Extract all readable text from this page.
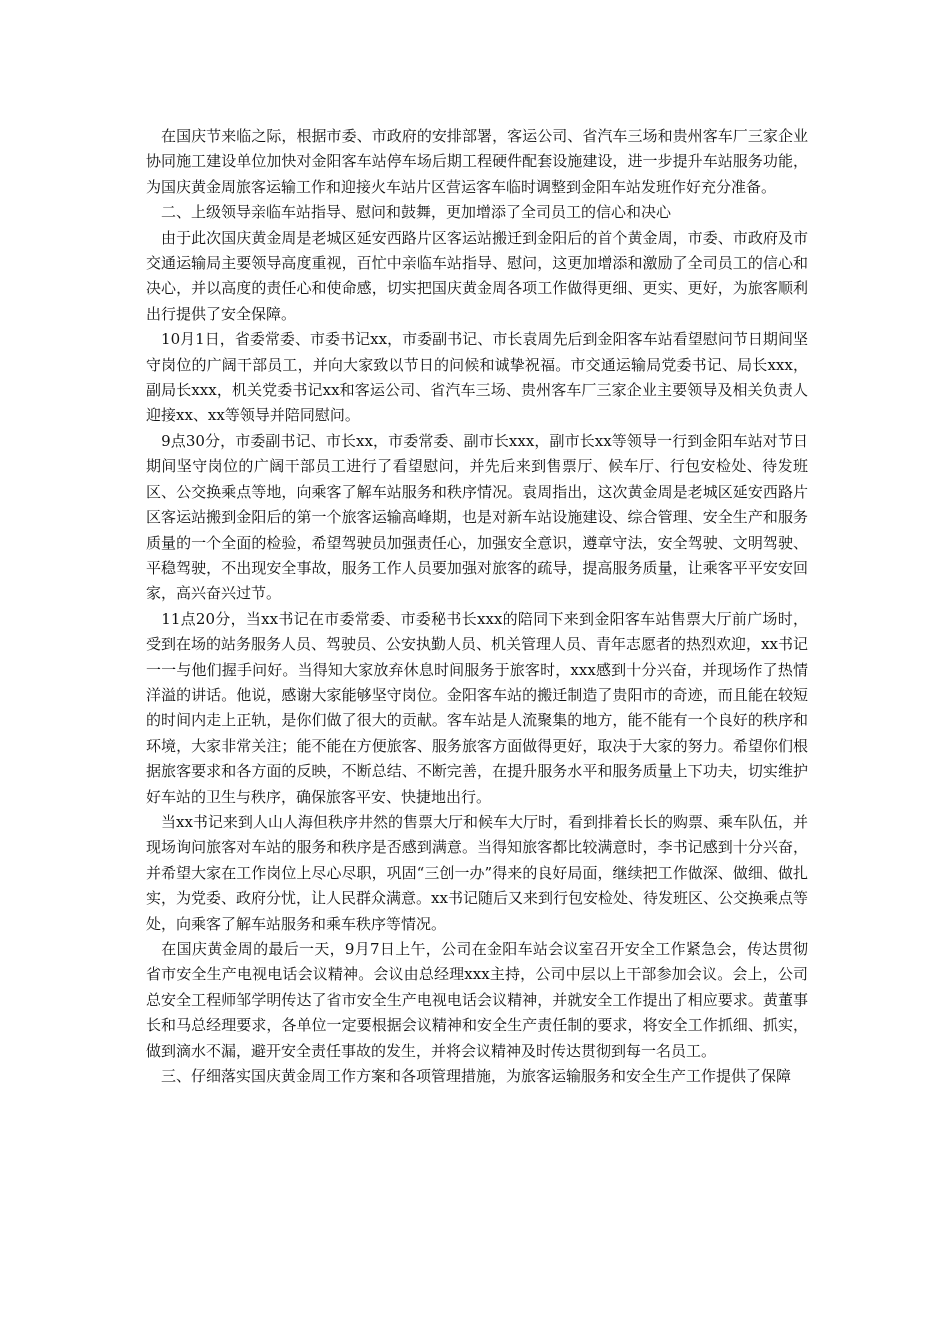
　在国庆节来临之际，根据市委、市政府的安排部署，客运公司、省汽车三场和贵州客车厂三家企业协同施工建设单位加快对金阳客车站停车场后期工程硬件配套设施建设，进一步提升车站服务功能，为国庆黄金周旅客运输工作和迎接火车站片区营运客车临时调整到金阳车站发班作好充分准备。

　二、上级领导亲临车站指导、慰问和鼓舞，更加增添了全司员工的信心和决心

　由于此次国庆黄金周是老城区延安西路片区客运站搬迁到金阳后的首个黄金周，市委、市政府及市交通运输局主要领导高度重视，百忙中亲临车站指导、慰问，这更加增添和激励了全司员工的信心和决心，并以高度的责任心和使命感，切实把国庆黄金周各项工作做得更细、更实、更好，为旅客顺利出行提供了安全保障。

　10月1日，省委常委、市委书记xx，市委副书记、市长袁周先后到金阳客车站看望慰问节日期间坚守岗位的广阔干部员工，并向大家致以节日的问候和诚挚祝福。市交通运输局党委书记、局长xxx，副局长xxx，机关党委书记xx和客运公司、省汽车三场、贵州客车厂三家企业主要领导及相关负责人迎接xx、xx等领导并陪同慰问。

　9点30分，市委副书记、市长xx，市委常委、副市长xxx，副市长xx等领导一行到金阳车站对节日期间坚守岗位的广阔干部员工进行了看望慰问，并先后来到售票厅、候车厅、行包安检处、待发班区、公交换乘点等地，向乘客了解车站服务和秩序情况。袁周指出，这次黄金周是老城区延安西路片区客运站搬到金阳后的第一个旅客运输高峰期，也是对新车站设施建设、综合管理、安全生产和服务质量的一个全面的检验，希望驾驶员加强责任心，加强安全意识，遵章守法，安全驾驶、文明驾驶、平稳驾驶，不出现安全事故，服务工作人员要加强对旅客的疏导，提高服务质量，让乘客平平安安回家，高兴奋兴过节。

　11点20分，当xx书记在市委常委、市委秘书长xxx的陪同下来到金阳客车站售票大厅前广场时，受到在场的站务服务人员、驾驶员、公安执勤人员、机关管理人员、青年志愿者的热烈欢迎，xx书记一一与他们握手问好。当得知大家放弃休息时间服务于旅客时，xxx感到十分兴奋，并现场作了热情洋溢的讲话。他说，感谢大家能够坚守岗位。金阳客车站的搬迁制造了贵阳市的奇迹，而且能在较短的时间内走上正轨，是你们做了很大的贡献。客车站是人流聚集的地方，能不能有一个良好的秩序和环境，大家非常关注；能不能在方便旅客、服务旅客方面做得更好，取决于大家的努力。希望你们根据旅客要求和各方面的反映，不断总结、不断完善，在提升服务水平和服务质量上下功夫，切实维护好车站的卫生与秩序，确保旅客平安、快捷地出行。

　当xx书记来到人山人海但秩序井然的售票大厅和候车大厅时，看到排着长长的购票、乘车队伍，并现场询问旅客对车站的服务和秩序是否感到满意。当得知旅客都比较满意时，李书记感到十分兴奋，并希望大家在工作岗位上尽心尽职，巩固“三创一办”得来的良好局面，继续把工作做深、做细、做扎实，为党委、政府分忧，让人民群众满意。xx书记随后又来到行包安检处、待发班区、公交换乘点等处，向乘客了解车站服务和乘车秩序等情况。

　在国庆黄金周的最后一天，9月7日上午，公司在金阳车站会议室召开安全工作紧急会，传达贯彻省市安全生产电视电话会议精神。会议由总经理xxx主持，公司中层以上干部参加会议。会上，公司总安全工程师邹学明传达了省市安全生产电视电话会议精神，并就安全工作提出了相应要求。黄董事长和马总经理要求，各单位一定要根据会议精神和安全生产责任制的要求，将安全工作抓细、抓实，做到滴水不漏，避开安全责任事故的发生，并将会议精神及时传达贯彻到每一名员工。

　三、仔细落实国庆黄金周工作方案和各项管理措施，为旅客运输服务和安全生产工作提供了保障
